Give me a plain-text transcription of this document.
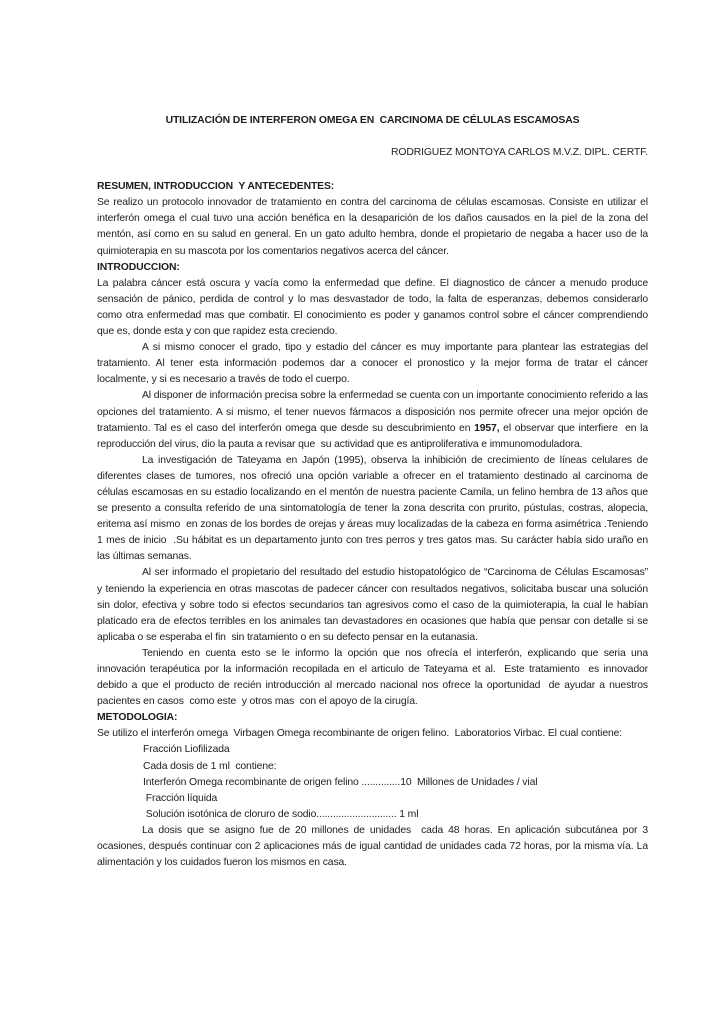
UTILIZACIÓN DE INTERFERON OMEGA EN  CARCINOMA DE CÉLULAS ESCAMOSAS
RODRIGUEZ MONTOYA CARLOS M.V.Z. DIPL. CERTF.
RESUMEN, INTRODUCCION  Y ANTECEDENTES:

Se realizo un protocolo innovador de tratamiento en contra del carcinoma de células escamosas. Consiste en utilizar el interferón omega el cual tuvo una acción benéfica en la desaparición de los daños causados en la piel de la zona del mentón, así como en su salud en general. En un gato adulto hembra, donde el propietario de negaba a hacer uso de la quimioterapia en su mascota por los comentarios negativos acerca del cáncer.

INTRODUCCION:

La palabra cáncer está oscura y vacía como la enfermedad que define. El diagnostico de cáncer a menudo produce sensación de pánico, perdida de control y lo mas desvastador de todo, la falta de esperanzas, debemos considerarlo como otra enfermedad mas que combatir. El conocimiento es poder y ganamos control sobre el cáncer comprendiendo que es, donde esta y con que rapidez esta creciendo.

A si mismo conocer el grado, tipo y estadio del cáncer es muy importante para plantear las estrategias del tratamiento. Al tener esta información podemos dar a conocer el pronostico y la mejor forma de tratar el cáncer localmente, y si es necesario a través de todo el cuerpo.

Al disponer de información precisa sobre la enfermedad se cuenta con un importante conocimiento referido a las opciones del tratamiento. A si mismo, el tener nuevos fármacos a disposición nos permite ofrecer una mejor opción de tratamiento. Tal es el caso del interferón omega que desde su descubrimiento en 1957, el observar que interfiere  en la reproducción del virus, dio la pauta a revisar que  su actividad que es antiproliferativa e immunomoduladora.

La investigación de Tateyama en Japón (1995), observa la inhibición de crecimiento de líneas celulares de diferentes clases de tumores, nos ofreció una opción variable a ofrecer en el tratamiento destinado al carcinoma de células escamosas en su estadio localizando en el mentón de nuestra paciente Camila, un felino hembra de 13 años que se presento a consulta referido de una sintomatología de tener la zona descrita con prurito, pústulas, costras, alopecia, eritema así mismo  en zonas de los bordes de orejas y áreas muy localizadas de la cabeza en forma asimétrica .Teniendo 1 mes de inicio  .Su hábitat es un departamento junto con tres perros y tres gatos mas. Su carácter había sido uraño en las últimas semanas.

Al ser informado el propietario del resultado del estudio histopatológico de “Carcinoma de Células Escamosas”  y teniendo la experiencia en otras mascotas de padecer cáncer con resultados negativos, solicitaba buscar una solución sin dolor, efectiva y sobre todo si efectos secundarios tan agresivos como el caso de la quimioterapia, la cual le habían platicado era de efectos terribles en los animales tan devastadores en ocasiones que había que pensar con detalle si se aplicaba o se esperaba el fin  sin tratamiento o en su defecto pensar en la eutanasia.

Teniendo en cuenta esto se le informo la opción que nos ofrecía el interferón, explicando que seria una innovación terapéutica por la información recopilada en el articulo de Tateyama et al.  Este tratamiento  es innovador debido a que el producto de recién introducción al mercado nacional nos ofrece la oportunidad  de ayudar a nuestros pacientes en casos  como este  y otros mas  con el apoyo de la cirugía.

METODOLOGIA:

Se utilizo el interferón omega  Virbagen Omega recombinante de origen felino.  Laboratorios Virbac. El cual contiene:

Fracción Liofilizada
Cada dosis de 1 ml  contiene:
Interferón Omega recombinante de origen felino ..............10  Millones de Unidades / vial
Fracción líquida
Solución isotónica de cloruro de sodio............................. 1 ml

La dosis que se asigno fue de 20 millones de unidades  cada 48 horas. En aplicación subcutánea por 3 ocasiones, después continuar con 2 aplicaciones más de igual cantidad de unidades cada 72 horas, por la misma vía. La alimentación y los cuidados fueron los mismos en casa.
